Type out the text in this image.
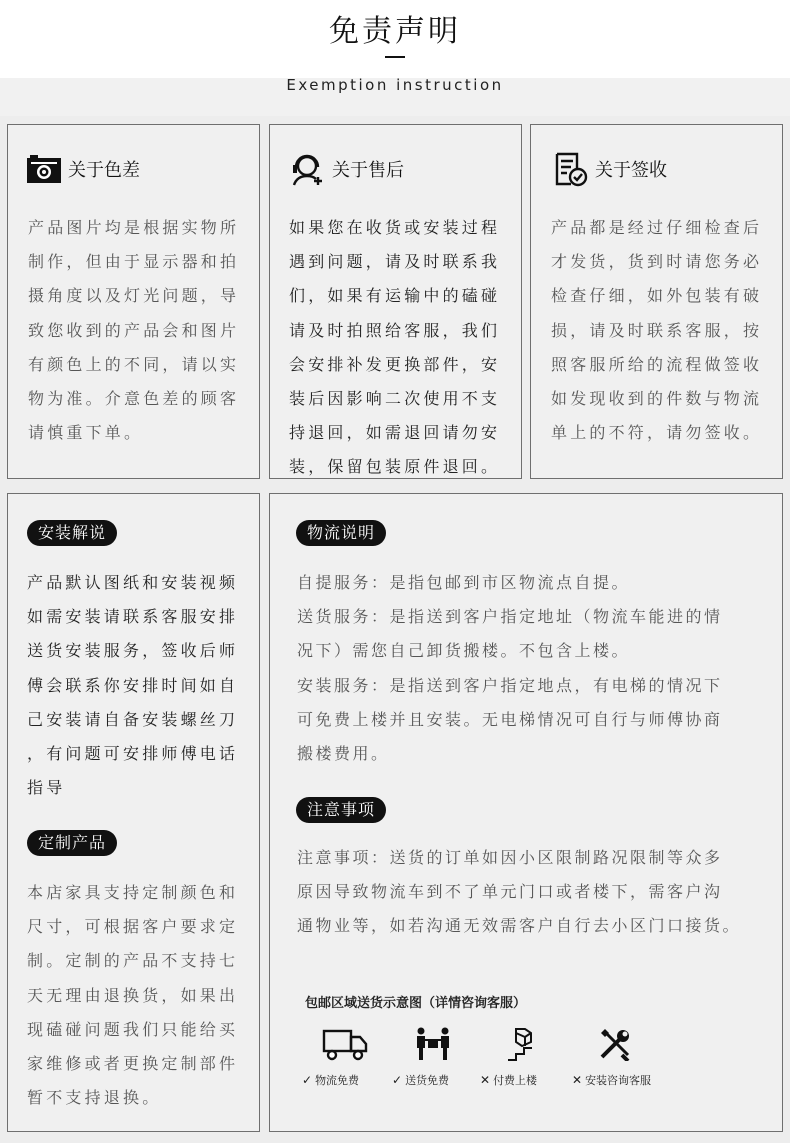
免责声明
Exemption instruction
关于色差
产品图片均是根据实物所
制作，但由于显示器和拍
摄角度以及灯光问题，导
致您收到的产品会和图片
有颜色上的不同，请以实
物为准。介意色差的顾客
请慎重下单。
关于售后
如果您在收货或安装过程
遇到问题，请及时联系我
们，如果有运输中的磕碰
请及时拍照给客服，我们
会安排补发更换部件，安
装后因影响二次使用不支
持退回，如需退回请勿安
装，保留包装原件退回。
关于签收
产品都是经过仔细检查后
才发货，货到时请您务必
检查仔细，如外包装有破
损，请及时联系客服，按
照客服所给的流程做签收
如发现收到的件数与物流
单上的不符，请勿签收。
安装解说
产品默认图纸和安装视频
如需安装请联系客服安排
送货安装服务，签收后师
傅会联系你安排时间如自
己安装请自备安装螺丝刀
，有问题可安排师傅电话
指导
定制产品
本店家具支持定制颜色和
尺寸，可根据客户要求定
制。定制的产品不支持七
天无理由退换货，如果出
现磕碰问题我们只能给买
家维修或者更换定制部件
暂不支持退换。
物流说明
自提服务：是指包邮到市区物流点自提。
送货服务：是指送到客户指定地址（物流车能进的情
况下）需您自己卸货搬楼。不包含上楼。
安装服务：是指送到客户指定地点，有电梯的情况下
可免费上楼并且安装。无电梯情况可自行与师傅协商
搬楼费用。
注意事项
注意事项：送货的订单如因小区限制路况限制等众多
原因导致物流车到不了单元门口或者楼下，需客户沟
通物业等，如若沟通无效需客户自行去小区门口接货。
包邮区域送货示意图（详情咨询客服）
✓ 物流免费	✓ 送货免费	✕ 付费上楼	✕ 安装咨询客服
